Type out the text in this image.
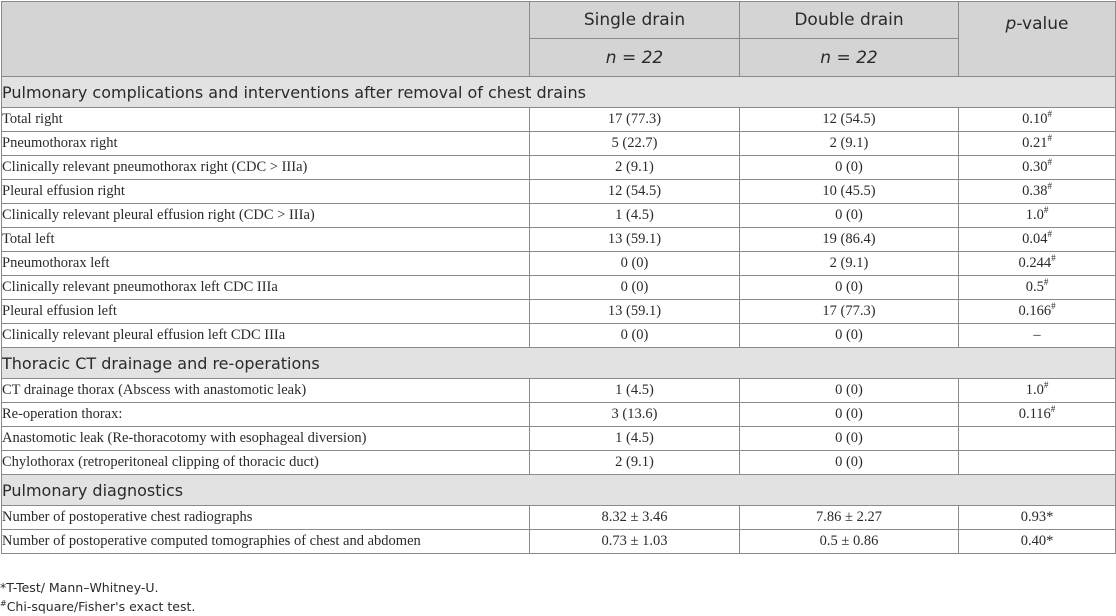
	Single drain	Double drain	p-value
	n = 22	n = 22	
Pulmonary complications and interventions after removal of chest drains			
Total right	17 (77.3)	12 (54.5)	0.10#
Pneumothorax right	5 (22.7)	2 (9.1)	0.21#
Clinically relevant pneumothorax right (CDC > IIIa)	2 (9.1)	0 (0)	0.30#
Pleural effusion right	12 (54.5)	10 (45.5)	0.38#
Clinically relevant pleural effusion right (CDC > IIIa)	1 (4.5)	0 (0)	1.0#
Total left	13 (59.1)	19 (86.4)	0.04#
Pneumothorax left	0 (0)	2 (9.1)	0.244#
Clinically relevant pneumothorax left CDC IIIa	0 (0)	0 (0)	0.5#
Pleural effusion left	13 (59.1)	17 (77.3)	0.166#
Clinically relevant pleural effusion left CDC IIIa	0 (0)	0 (0)	–
Thoracic CT drainage and re-operations			
CT drainage thorax (Abscess with anastomotic leak)	1 (4.5)	0 (0)	1.0#
Re-operation thorax:	3 (13.6)	0 (0)	0.116#
Anastomotic leak (Re-thoracotomy with esophageal diversion)	1 (4.5)	0 (0)	
Chylothorax (retroperitoneal clipping of thoracic duct)	2 (9.1)	0 (0)	
Pulmonary diagnostics			
Number of postoperative chest radiographs	8.32 ± 3.46	7.86 ± 2.27	0.93*
Number of postoperative computed tomographies of chest and abdomen	0.73 ± 1.03	0.5 ± 0.86	0.40*
*T-Test/ Mann–Whitney-U.
#Chi-square/Fisher's exact test.
